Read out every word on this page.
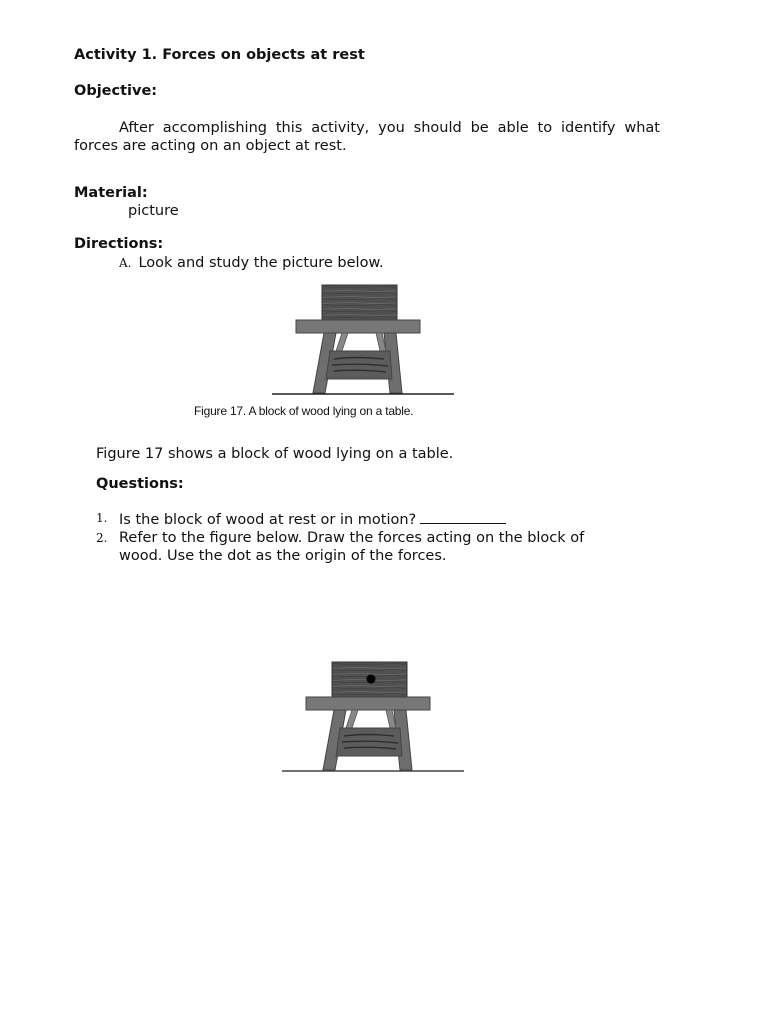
Activity 1. Forces on objects at rest
Objective:
After accomplishing this activity, you should be able to identify what forces are acting on an object at rest.
Material:
picture
Directions:
A. Look and study the picture below.
Figure 17. A block of wood lying on a table.
Figure 17 shows a block of wood lying on a table.
Questions:
1. Is the block of wood at rest or in motion?
2. Refer to the figure below. Draw the forces acting on the block of wood. Use the dot as the origin of the forces.
